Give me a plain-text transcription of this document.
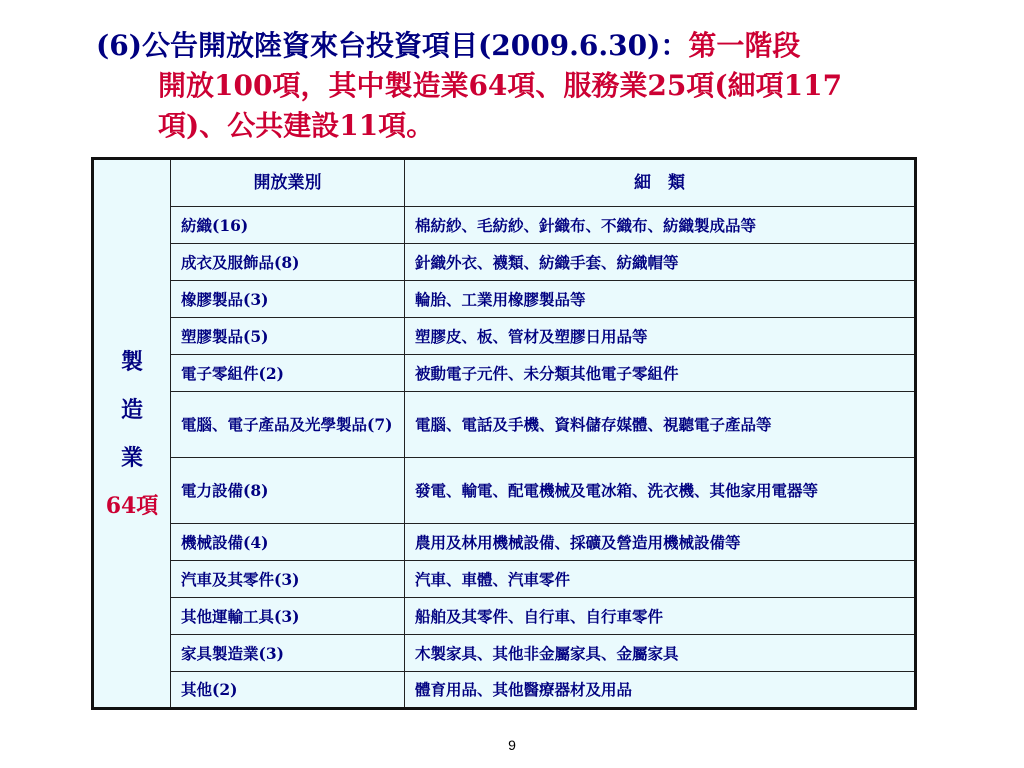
(6)公告開放陸資來台投資項目(2009.6.30)：第一階段
開放100項，其中製造業64項、服務業25項(細項117
項)、公共建設11項。
製
造
業
64項	開放業別	細　類
	紡織(16)	棉紡紗、毛紡紗、針織布、不織布、紡織製成品等
	成衣及服飾品(8)	針織外衣、襪類、紡織手套、紡織帽等
	橡膠製品(3)	輪胎、工業用橡膠製品等
	塑膠製品(5)	塑膠皮、板、管材及塑膠日用品等
	電子零組件(2)	被動電子元件、未分類其他電子零組件
	電腦、電子產品及光學製品(7)	電腦、電話及手機、資料儲存媒體、視聽電子產品等
	電力設備(8)	發電、輸電、配電機械及電冰箱、洗衣機、其他家用電器等
	機械設備(4)	農用及林用機械設備、採礦及營造用機械設備等
	汽車及其零件(3)	汽車、車體、汽車零件
	其他運輸工具(3)	船舶及其零件、自行車、自行車零件
	家具製造業(3)	木製家具、其他非金屬家具、金屬家具
	其他(2)	體育用品、其他醫療器材及用品
9
